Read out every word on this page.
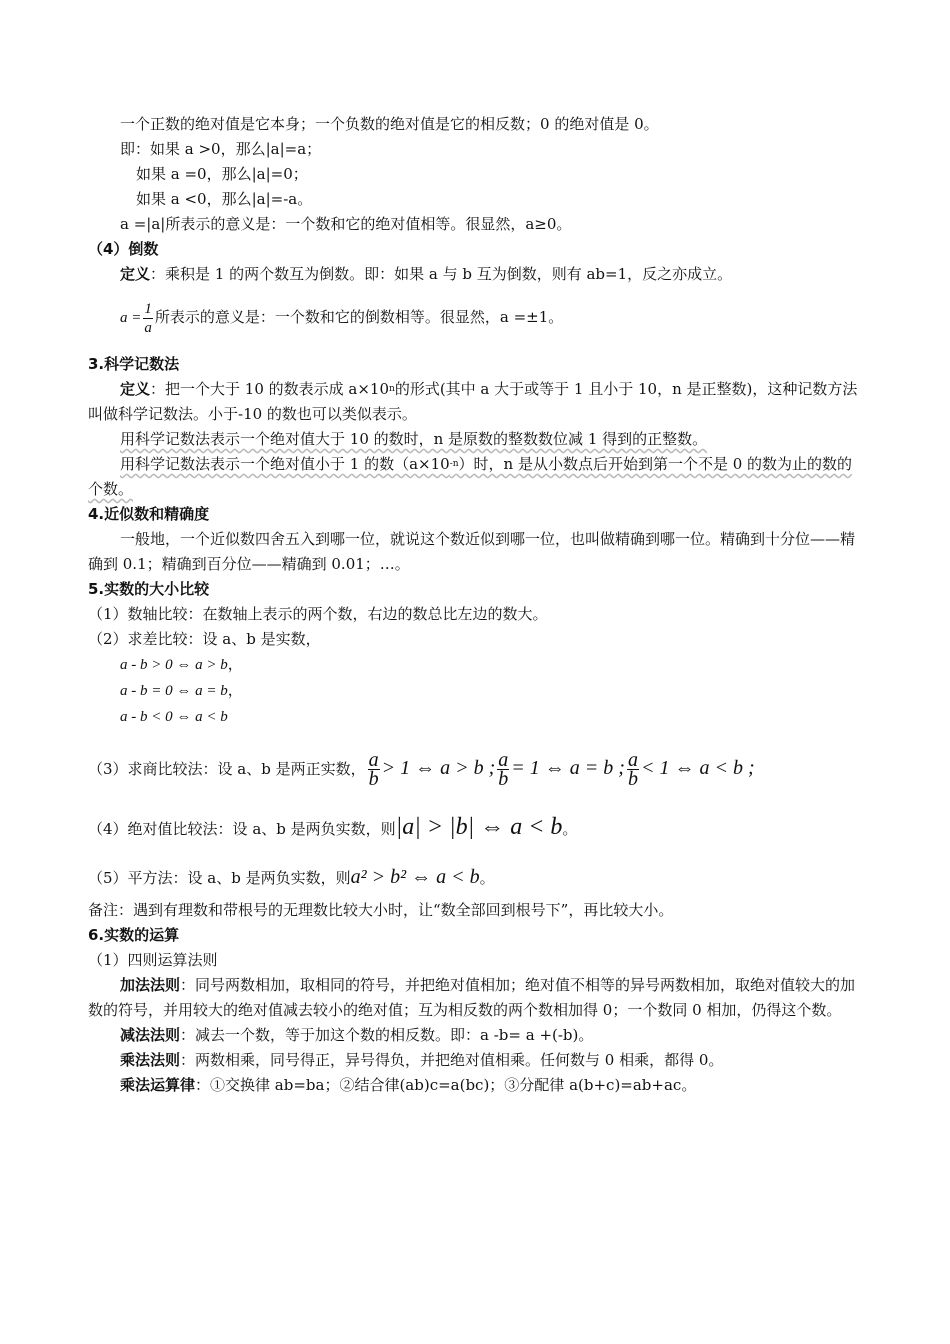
一个正数的绝对值是它本身；一个负数的绝对值是它的相反数；0 的绝对值是 0。

即：如果 a >0，那么|a|=a；

如果 a =0，那么|a|=0；

如果 a <0，那么|a|=-a。

a =|a|所表示的意义是：一个数和它的绝对值相等。很显然，a≥0。

（4）倒数

定义：乘积是 1 的两个数互为倒数。即：如果 a 与 b 互为倒数，则有 ab=1，反之亦成立。

$a = \frac{1}{a}$ 所表示的意义是：一个数和它的倒数相等。很显然，a =±1。

3.科学记数法

定义：把一个大于 10 的数表示成 $a\times 10^n$的形式(其中 a 大于或等于 1 且小于 10，n 是正整数)，这种记数方法叫做科学记数法。小于-10 的数也可以类似表示。

用科学记数法表示一个绝对值大于 10 的数时，n 是原数的整数数位减 1 得到的正整数。

用科学记数法表示一个绝对值小于 1 的数$(a\times 10^{-n})$时，n 是从小数点后开始到第一个不是 0 的数为止的数的个数。

4.近似数和精确度

一般地，一个近似数四舍五入到哪一位，就说这个数近似到哪一位，也叫做精确到哪一位。精确到十分位——精确到 0.1；精确到百分位——精确到 0.01；…。

5.实数的大小比较

（1）数轴比较：在数轴上表示的两个数，右边的数总比左边的数大。

（2）求差比较：设 a、b 是实数，

a - b > 0 ⇔ a > b，

a - b = 0 ⇔ a = b，

a - b < 0 ⇔ a < b

（3）求商比较法：设 a、b 是两正实数， $\frac{a}{b} > 1$ ⇔ a > b ; $\frac{a}{b} = 1$ ⇔ a = b ; $\frac{a}{b} < 1$ ⇔ a < b ;

（4）绝对值比较法：设 a、b 是两负实数，则|a| > |b| ⇔ a < b。

（5）平方法：设 a、b 是两负实数，则a² > b² ⇔ a < b。

备注：遇到有理数和带根号的无理数比较大小时，让“数全部回到根号下”，再比较大小。

6.实数的运算

（1）四则运算法则

加法法则：同号两数相加，取相同的符号，并把绝对值相加；绝对值不相等的异号两数相加，取绝对值较大的加数的符号，并用较大的绝对值减去较小的绝对值；互为相反数的两个数相加得 0；一个数同 0 相加，仍得这个数。

减法法则：减去一个数，等于加这个数的相反数。即：a -b= a +(-b)。

乘法法则：两数相乘，同号得正，异号得负，并把绝对值相乘。任何数与 0 相乘，都得 0。

乘法运算律：①交换律 ab=ba；②结合律(ab)c=a(bc)；③分配律 a(b+c)=ab+ac。
